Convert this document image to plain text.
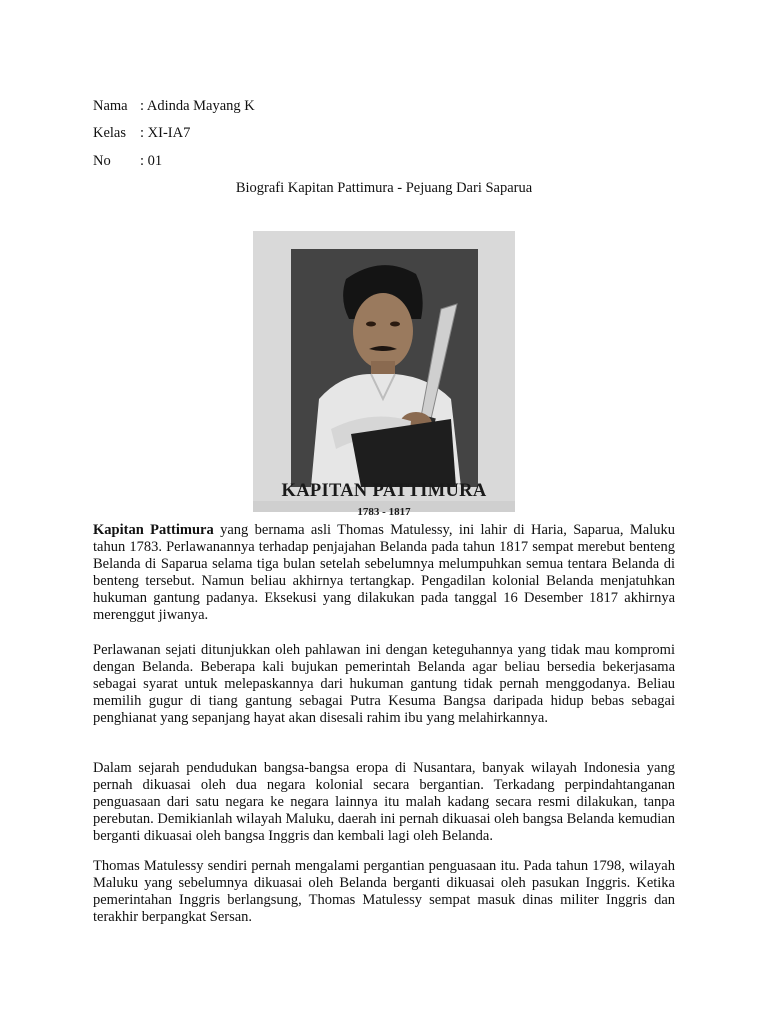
Nama : Adinda Mayang K
Kelas : XI-IA7
No : 01
Biografi Kapitan Pattimura - Pejuang Dari Saparua
KAPITAN PATTIMURA
1783 - 1817
Kapitan Pattimura yang bernama asli Thomas Matulessy, ini lahir di Haria, Saparua, Maluku tahun 1783. Perlawanannya terhadap penjajahan Belanda pada tahun 1817 sempat merebut benteng Belanda di Saparua selama tiga bulan setelah sebelumnya melumpuhkan semua tentara Belanda di benteng tersebut. Namun beliau akhirnya tertangkap. Pengadilan kolonial Belanda menjatuhkan hukuman gantung padanya. Eksekusi yang dilakukan pada tanggal 16 Desember 1817 akhirnya merenggut jiwanya.
Perlawanan sejati ditunjukkan oleh pahlawan ini dengan keteguhannya yang tidak mau kompromi dengan Belanda. Beberapa kali bujukan pemerintah Belanda agar beliau bersedia bekerjasama sebagai syarat untuk melepaskannya dari hukuman gantung tidak pernah menggodanya. Beliau memilih gugur di tiang gantung sebagai Putra Kesuma Bangsa daripada hidup bebas sebagai penghianat yang sepanjang hayat akan disesali rahim ibu yang melahirkannya.
Dalam sejarah pendudukan bangsa-bangsa eropa di Nusantara, banyak wilayah Indonesia yang pernah dikuasai oleh dua negara kolonial secara bergantian. Terkadang perpindahtanganan penguasaan dari satu negara ke negara lainnya itu malah kadang secara resmi dilakukan, tanpa perebutan. Demikianlah wilayah Maluku, daerah ini pernah dikuasai oleh bangsa Belanda kemudian berganti dikuasai oleh bangsa Inggris dan kembali lagi oleh Belanda.
Thomas Matulessy sendiri pernah mengalami pergantian penguasaan itu. Pada tahun 1798, wilayah Maluku yang sebelumnya dikuasai oleh Belanda berganti dikuasai oleh pasukan Inggris. Ketika pemerintahan Inggris berlangsung, Thomas Matulessy sempat masuk dinas militer Inggris dan terakhir berpangkat Sersan.
